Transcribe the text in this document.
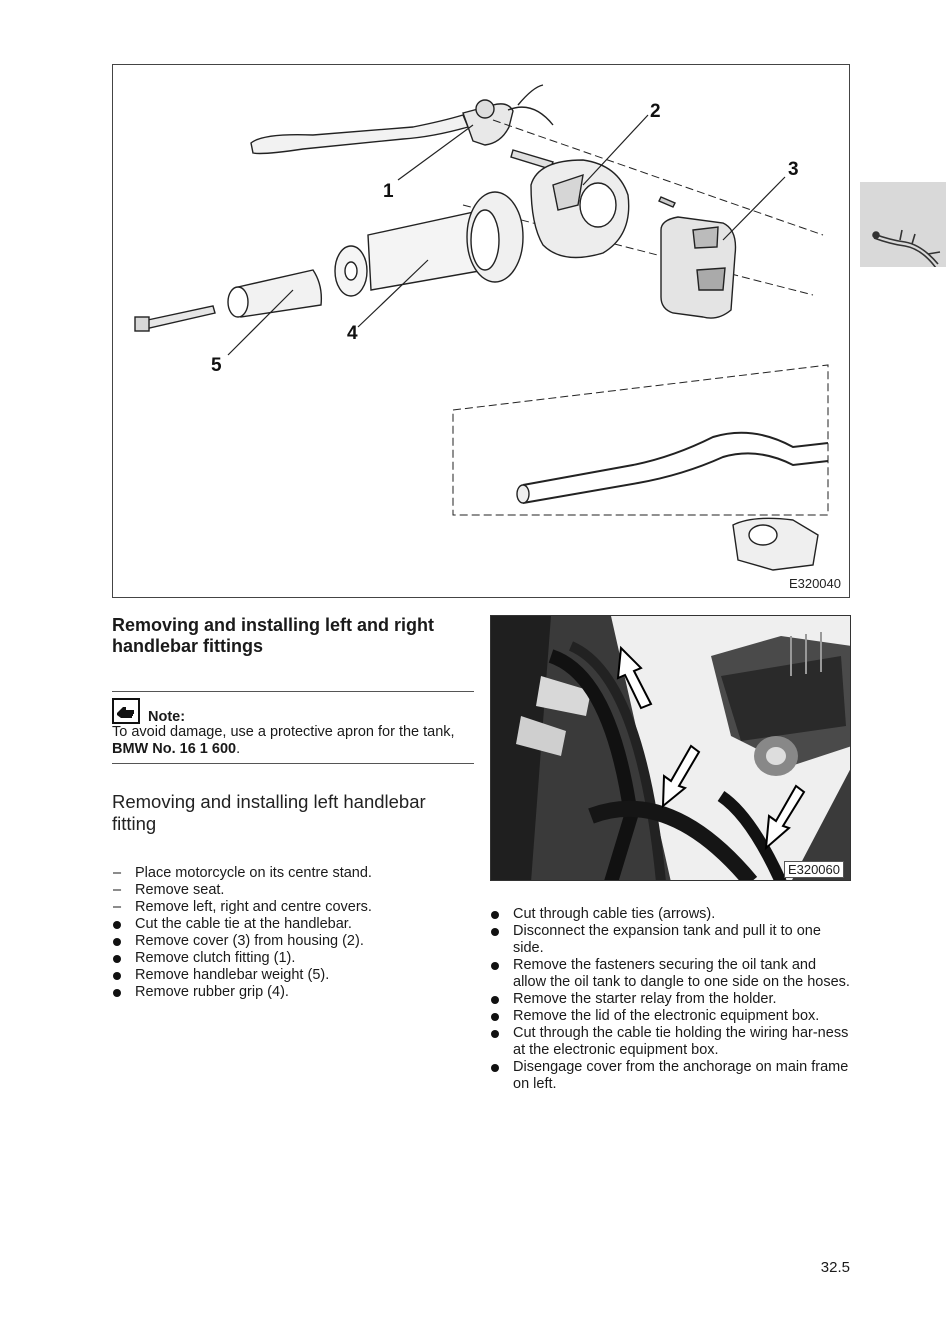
1
2
3
4
5
E320040
Removing and installing left and right handlebar fittings
Note:
To avoid damage, use a protective apron for the tank, BMW No. 16 1 600.
Removing and installing left handlebar fitting
– Place motorcycle on its centre stand.
– Remove seat.
– Remove left, right and centre covers.
Cut the cable tie at the handlebar.
Remove cover (3) from housing (2).
Remove clutch fitting (1).
Remove handlebar weight (5).
Remove rubber grip (4).
E320060
Cut through cable ties (arrows).
Disconnect the expansion tank and pull it to one side.
Remove the fasteners securing the oil tank and allow the oil tank to dangle to one side on the hoses.
Remove the starter relay from the holder.
Remove the lid of the electronic equipment box.
Cut through the cable tie holding the wiring har-ness at the electronic equipment box.
Disengage cover from the anchorage on main frame on left.
32.5
